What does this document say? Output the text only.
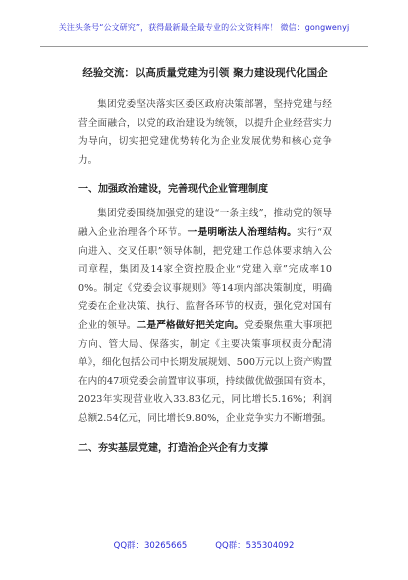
关注头条号“公文研究”，获得最新最全最专业的公文资料库！ 微信：gongwenyj
经验交流：以高质量党建为引领 聚力建设现代化国企

集团党委坚决落实区委区政府决策部署，坚持党建与经营全面融合，以党的政治建设为统领，以提升企业经营实力为导向，切实把党建优势转化为企业发展优势和核心竞争力。

一、加强政治建设，完善现代企业管理制度

集团党委围绕加强党的建设“一条主线”，推动党的领导融入企业治理各个环节。一是明晰法人治理结构。实行“双向进入、交叉任职”领导体制，把党建工作总体要求纳入公司章程，集团及14家全资控股企业“党建入章”完成率100%。制定《党委会议事规则》等14项内部决策制度，明确党委在企业决策、执行、监督各环节的权责，强化党对国有企业的领导。二是严格做好把关定向。党委聚焦重大事项把方向、管大局、保落实，制定《主要决策事项权责分配清单》，细化包括公司中长期发展规划、500万元以上资产购置在内的47项党委会前置审议事项，持续做优做强国有资本，2023年实现营业收入33.83亿元，同比增长5.16%；利润总额2.54亿元，同比增长9.80%，企业竞争实力不断增强。

二、夯实基层党建，打造治企兴企有力支撑
QQ群：30265665	QQ群：535304092
